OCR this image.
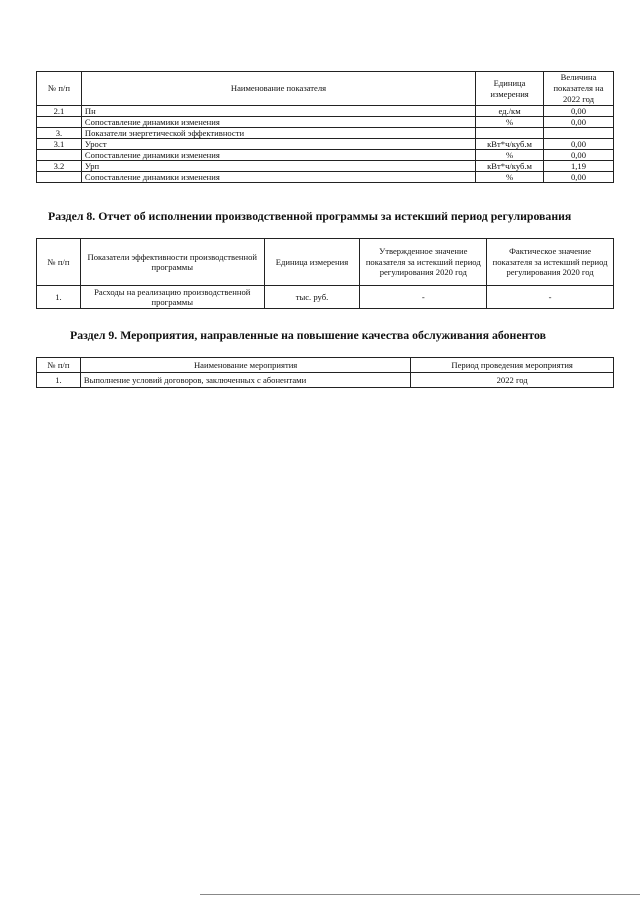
№ п/п	Наименование показателя	Единица измерения	Величина показателя на 2022 год
2.1	Пн	ед./км	0,00
	Сопоставление динамики изменения	%	0,00
3.	Показатели энергетической эффективности		
3.1	Урост	кВт*ч/куб.м	0,00
	Сопоставление динамики изменения	%	0,00
3.2	Урп	кВт*ч/куб.м	1,19
	Сопоставление динамики изменения	%	0,00
Раздел 8. Отчет об исполнении производственной программы за истекший период регулирования
№ п/п	Показатели эффективности производственной программы	Единица измерения	Утвержденное значение показателя за истекший период регулирования 2020 год	Фактическое значение показателя за истекший период регулирования 2020 год
1.	Расходы на реализацию производственной программы	тыс. руб.	-	-
Раздел 9. Мероприятия, направленные на повышение качества обслуживания абонентов
№ п/п	Наименование мероприятия	Период проведения мероприятия
1.	Выполнение условий договоров, заключенных с абонентами	2022 год
